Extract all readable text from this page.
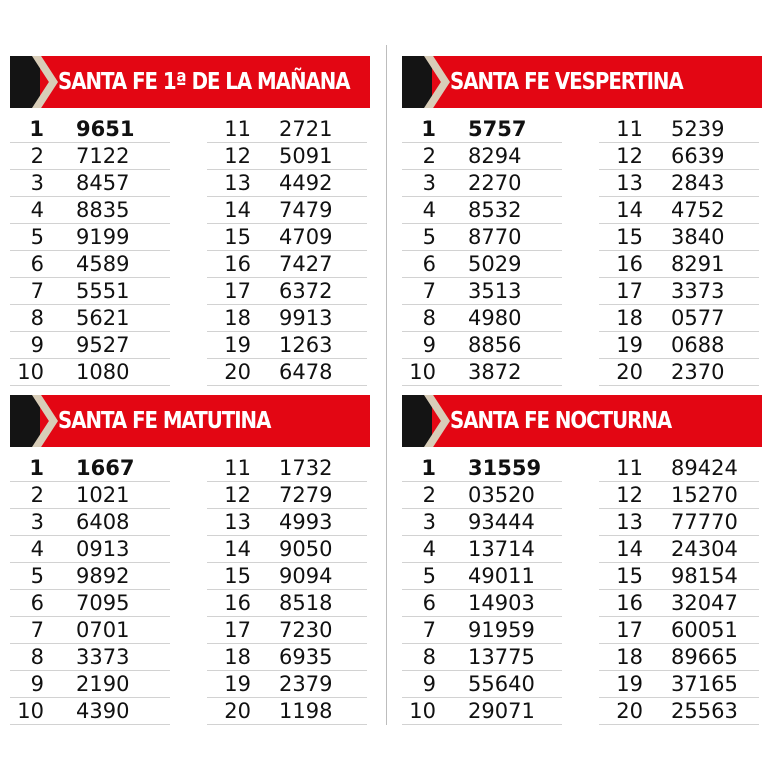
SANTA FE 1ª DE LA MAÑANA
1 9651
2 7122
3 8457
4 8835
5 9199
6 4589
7 5551
8 5621
9 9527
10 1080
11 2721
12 5091
13 4492
14 7479
15 4709
16 7427
17 6372
18 9913
19 1263
20 6478
SANTA FE VESPERTINA
1 5757
2 8294
3 2270
4 8532
5 8770
6 5029
7 3513
8 4980
9 8856
10 3872
11 5239
12 6639
13 2843
14 4752
15 3840
16 8291
17 3373
18 0577
19 0688
20 2370
SANTA FE MATUTINA
1 1667
2 1021
3 6408
4 0913
5 9892
6 7095
7 0701
8 3373
9 2190
10 4390
11 1732
12 7279
13 4993
14 9050
15 9094
16 8518
17 7230
18 6935
19 2379
20 1198
SANTA FE NOCTURNA
1 31559
2 03520
3 93444
4 13714
5 49011
6 14903
7 91959
8 13775
9 55640
10 29071
11 89424
12 15270
13 77770
14 24304
15 98154
16 32047
17 60051
18 89665
19 37165
20 25563
